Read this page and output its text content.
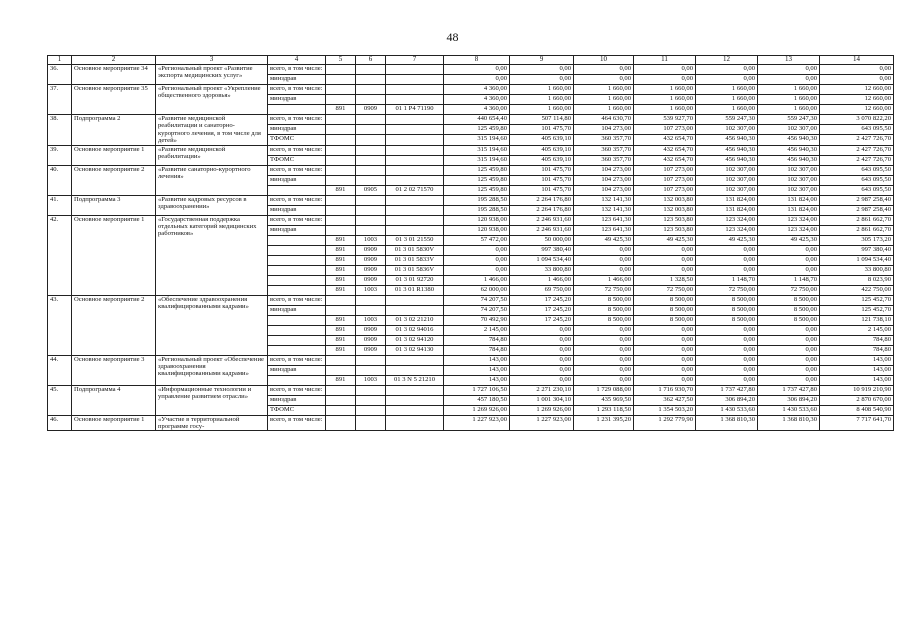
48
1	2	3	4	5	6	7	8	9	10	11	12	13	14
36.	Основное мероприятие 34	«Региональный проект «Развитие экспорта медицинских услуг»	всего, в том числе:				0,00	0,00	0,00	0,00	0,00	0,00	0,00
			минздрав				0,00	0,00	0,00	0,00	0,00	0,00	0,00
37.	Основное мероприятие 35	«Региональный проект «Укрепление общественного здоровья»	всего, в том числе:				4 360,00	1 660,00	1 660,00	1 660,00	1 660,00	1 660,00	12 660,00
			минздрав				4 360,00	1 660,00	1 660,00	1 660,00	1 660,00	1 660,00	12 660,00
				891	0909	01 1 P4 71190	4 360,00	1 660,00	1 660,00	1 660,00	1 660,00	1 660,00	12 660,00
38.	Подпрограмма 2	«Развитие медицинской реабилитации и санаторно-курортного лечения, в том числе для детей»	всего, в том числе:				440 654,40	507 114,80	464 630,70	539 927,70	559 247,30	559 247,30	3 070 822,20
			минздрав				125 459,80	101 475,70	104 273,00	107 273,00	102 307,00	102 307,00	643 095,50
			ТФОМС				315 194,60	405 639,10	360 357,70	432 654,70	456 940,30	456 940,30	2 427 726,70
39.	Основное мероприятие 1	«Развитие медицинской реабилитации»	всего, в том числе:				315 194,60	405 639,10	360 357,70	432 654,70	456 940,30	456 940,30	2 427 726,70
			ТФОМС				315 194,60	405 639,10	360 357,70	432 654,70	456 940,30	456 940,30	2 427 726,70
40.	Основное мероприятие 2	«Развитие санаторно-курортного лечения»	всего, в том числе:				125 459,80	101 475,70	104 273,00	107 273,00	102 307,00	102 307,00	643 095,50
			минздрав				125 459,80	101 475,70	104 273,00	107 273,00	102 307,00	102 307,00	643 095,50
				891	0905	01 2 02 71570	125 459,80	101 475,70	104 273,00	107 273,00	102 307,00	102 307,00	643 095,50
41.	Подпрограмма 3	«Развитие кадровых ресурсов в здравоохранении»	всего, в том числе:				195 288,50	2 264 176,80	132 141,30	132 003,80	131 824,00	131 824,00	2 987 258,40
			минздрав				195 288,50	2 264 176,80	132 141,30	132 003,80	131 824,00	131 824,00	2 987 258,40
42.	Основное мероприятие 1	«Государственная поддержка отдельных категорий медицинских работников»	всего, в том числе:				120 938,00	2 246 931,60	123 641,30	123 503,80	123 324,00	123 324,00	2 861 662,70
			минздрав				120 938,00	2 246 931,60	123 641,30	123 503,80	123 324,00	123 324,00	2 861 662,70
				891	1003	01 3 01 21550	57 472,00	50 000,00	49 425,30	49 425,30	49 425,30	49 425,30	305 173,20
				891	0909	01 3 01 5830V	0,00	997 380,40	0,00	0,00	0,00	0,00	997 380,40
				891	0909	01 3 01 5833V	0,00	1 094 534,40	0,00	0,00	0,00	0,00	1 094 534,40
				891	0909	01 3 01 5836V	0,00	33 800,80	0,00	0,00	0,00	0,00	33 800,80
				891	0909	01 3 01 92720	1 466,00	1 466,00	1 466,00	1 328,50	1 148,70	1 148,70	8 023,90
				891	1003	01 3 01 R1380	62 000,00	69 750,00	72 750,00	72 750,00	72 750,00	72 750,00	422 750,00
43.	Основное мероприятие 2	«Обеспечение здравоохранения квалифицированными кадрами»	всего, в том числе:				74 207,50	17 245,20	8 500,00	8 500,00	8 500,00	8 500,00	125 452,70
			минздрав				74 207,50	17 245,20	8 500,00	8 500,00	8 500,00	8 500,00	125 452,70
				891	1003	01 3 02 21210	70 492,90	17 245,20	8 500,00	8 500,00	8 500,00	8 500,00	121 738,10
				891	0909	01 3 02 94016	2 145,00	0,00	0,00	0,00	0,00	0,00	2 145,00
				891	0909	01 3 02 94120	784,80	0,00	0,00	0,00	0,00	0,00	784,80
				891	0909	01 3 02 94130	784,80	0,00	0,00	0,00	0,00	0,00	784,80
44.	Основное мероприятие 3	«Региональный проект «Обеспечение здравоохранения квалифицированными кадрами»	всего, в том числе:				143,00	0,00	0,00	0,00	0,00	0,00	143,00
			минздрав				143,00	0,00	0,00	0,00	0,00	0,00	143,00
				891	1003	01 3 N 5 21210	143,00	0,00	0,00	0,00	0,00	0,00	143,00
45.	Подпрограмма 4	«Информационные технологии и управление развитием отрасли»	всего, в том числе:				1 727 106,50	2 271 230,10	1 729 088,00	1 716 930,70	1 737 427,80	1 737 427,80	10 919 210,90
			минздрав				457 180,50	1 001 304,10	435 969,50	362 427,50	306 894,20	306 894,20	2 870 670,00
			ТФОМС				1 269 926,00	1 269 926,00	1 293 118,50	1 354 503,20	1 430 533,60	1 430 533,60	8 408 540,90
46.	Основное мероприятие 1	«Участие в территориальной программе госу-	всего, в том числе:				1 227 923,00	1 227 923,00	1 231 395,20	1 292 779,90	1 368 810,30	1 368 810,30	7 717 641,70
